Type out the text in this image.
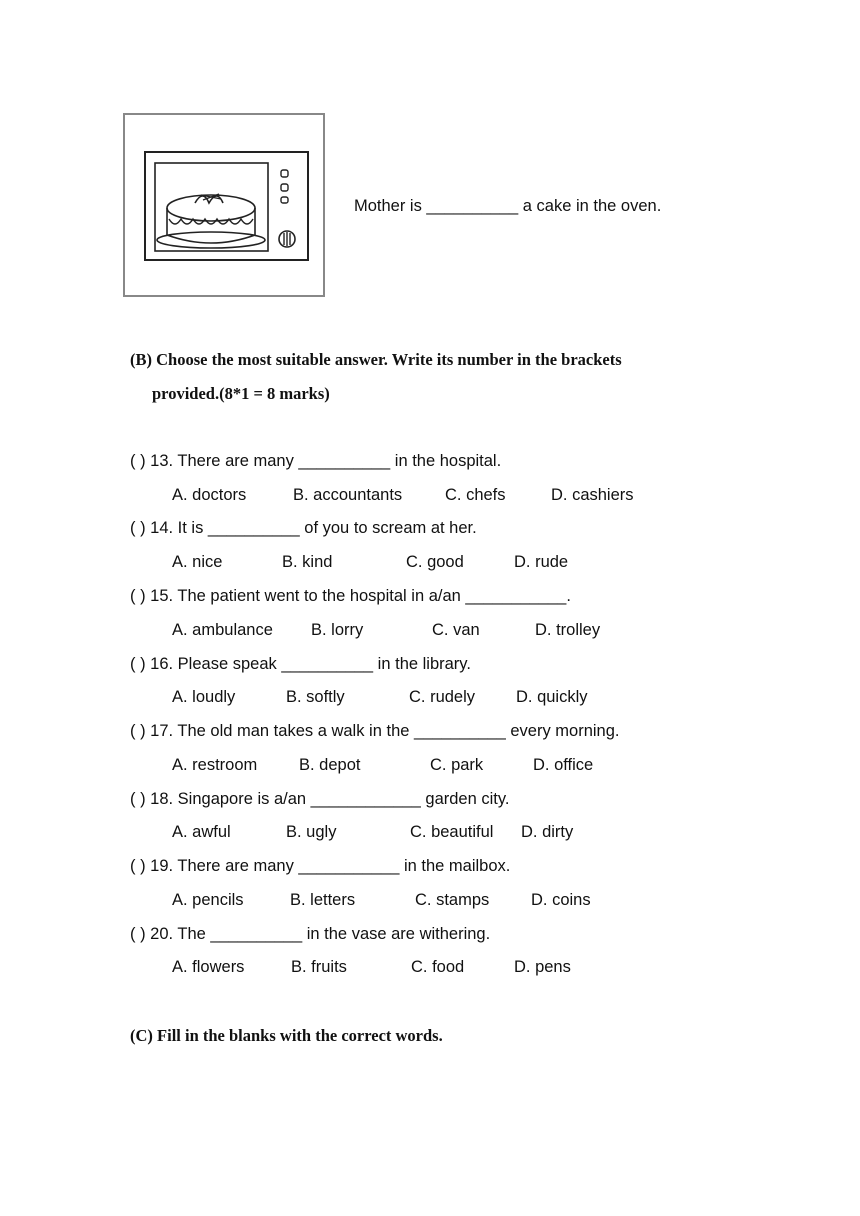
Mother is __________ a cake in the oven.
(B) Choose the most suitable answer. Write its number in the brackets
provided.(8*1 = 8 marks)
( ) 13. There are many __________ in the hospital.
A. doctors	B. accountants	C. chefs	D. cashiers
( ) 14. It is __________ of you to scream at her.
A. nice	B. kind	C. good	D. rude
( ) 15. The patient went to the hospital in a/an ___________.
A. ambulance B. lorry	C. van	D. trolley
( ) 16. Please speak __________ in the library.
A. loudly	B. softly	C. rudely D. quickly
( ) 17. The old man takes a walk in the __________ every morning.
A. restroom	B. depot	C. park	D. office
( ) 18. Singapore is a/an ____________ garden city.
A. awful	B. ugly	C. beautiful D. dirty
( ) 19. There are many ___________ in the mailbox.
A. pencils	B. letters	C. stamps	D. coins
( ) 20. The __________ in the vase are withering.
A. flowers	B. fruits	C. food	D. pens
(C) Fill in the blanks with the correct words.
